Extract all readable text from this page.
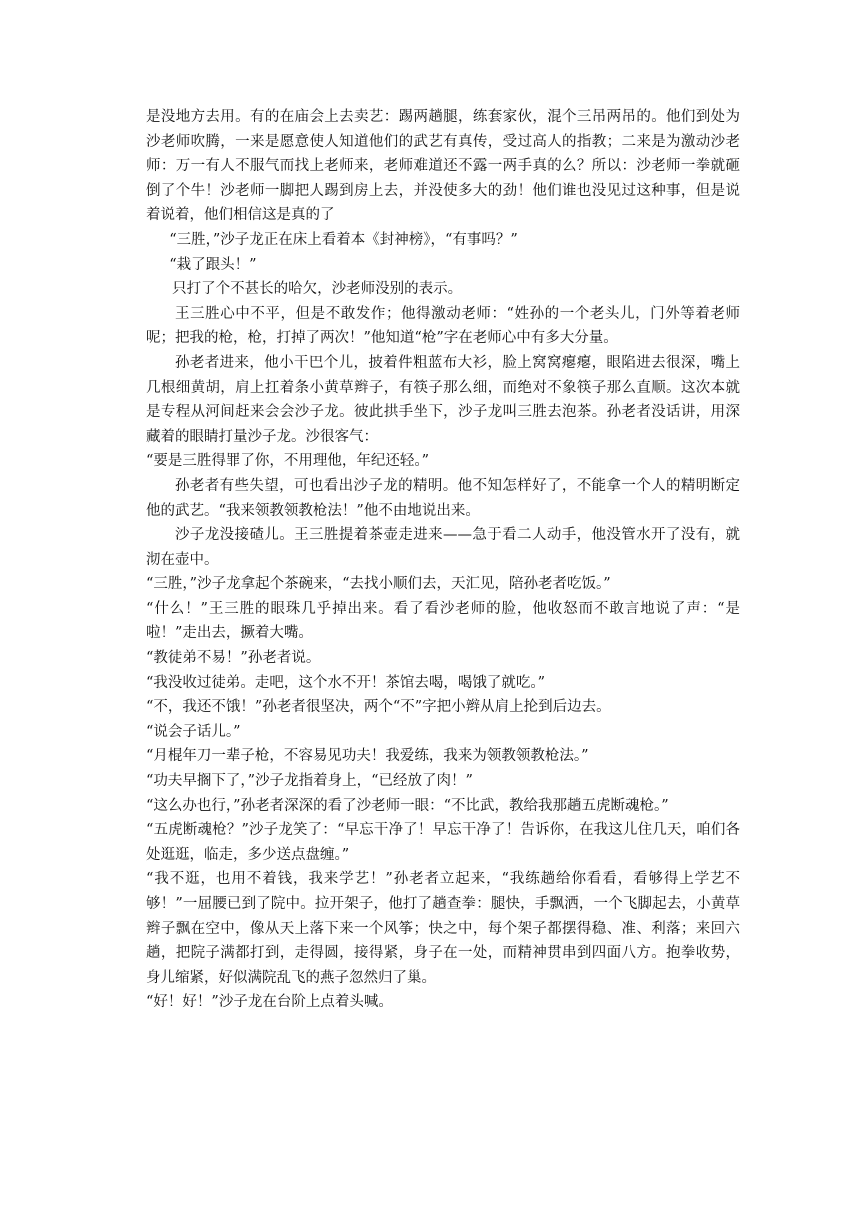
是没地方去用。有的在庙会上去卖艺：踢两趟腿，练套家伙，混个三吊两吊的。他们到处为沙老师吹腾，一来是愿意使人知道他们的武艺有真传，受过高人的指教；二来是为激动沙老师：万一有人不服气而找上老师来，老师难道还不露一两手真的么？所以：沙老师一拳就砸倒了个牛！沙老师一脚把人踢到房上去，并没使多大的劲！他们谁也没见过这种事，但是说着说着，他们相信这是真的了

“三胜，”沙子龙正在床上看着本《封神榜》，“有事吗？”

“栽了跟头！”

只打了个不甚长的哈欠，沙老师没别的表示。

王三胜心中不平，但是不敢发作；他得激动老师：“姓孙的一个老头儿，门外等着老师呢；把我的枪，枪，打掉了两次！”他知道“枪”字在老师心中有多大分量。

孙老者进来，他小干巴个儿，披着件粗蓝布大衫，脸上窝窝瘪瘪，眼陷进去很深，嘴上几根细黄胡，肩上扛着条小黄草辫子，有筷子那么细，而绝对不象筷子那么直顺。这次本就是专程从河间赶来会会沙子龙。彼此拱手坐下，沙子龙叫三胜去泡茶。孙老者没话讲，用深藏着的眼睛打量沙子龙。沙很客气：

“要是三胜得罪了你，不用理他，年纪还轻。”

孙老者有些失望，可也看出沙子龙的精明。他不知怎样好了，不能拿一个人的精明断定他的武艺。“我来领教领教枪法！”他不由地说出来。

沙子龙没接碴儿。王三胜提着茶壶走进来——急于看二人动手，他没管水开了没有，就沏在壶中。

“三胜，”沙子龙拿起个茶碗来，“去找小顺们去，天汇见，陪孙老者吃饭。”

“什么！”王三胜的眼珠几乎掉出来。看了看沙老师的脸，他收怒而不敢言地说了声：“是啦！”走出去，撅着大嘴。

“教徒弟不易！”孙老者说。

“我没收过徒弟。走吧，这个水不开！茶馆去喝，喝饿了就吃。”

“不，我还不饿！”孙老者很坚决，两个“不”字把小辫从肩上抡到后边去。

“说会子话儿。”

“月棍年刀一辈子枪，不容易见功夫！我爱练，我来为领教领教枪法。”

“功夫早搁下了，”沙子龙指着身上，“已经放了肉！”

“这么办也行，”孙老者深深的看了沙老师一眼：“不比武，教给我那趟五虎断魂枪。”

“五虎断魂枪？”沙子龙笑了：“早忘干净了！早忘干净了！告诉你，在我这儿住几天，咱们各处逛逛，临走，多少送点盘缠。”

“我不逛，也用不着钱，我来学艺！”孙老者立起来，“我练趟给你看看，看够得上学艺不够！”一屈腰已到了院中。拉开架子，他打了趟查拳：腿快，手飘洒，一个飞脚起去，小黄草辫子飘在空中，像从天上落下来一个风筝；快之中，每个架子都摆得稳、准、利落；来回六趟，把院子满都打到，走得圆，接得紧，身子在一处，而精神贯串到四面八方。抱拳收势，身儿缩紧，好似满院乱飞的燕子忽然归了巢。

“好！好！”沙子龙在台阶上点着头喊。
